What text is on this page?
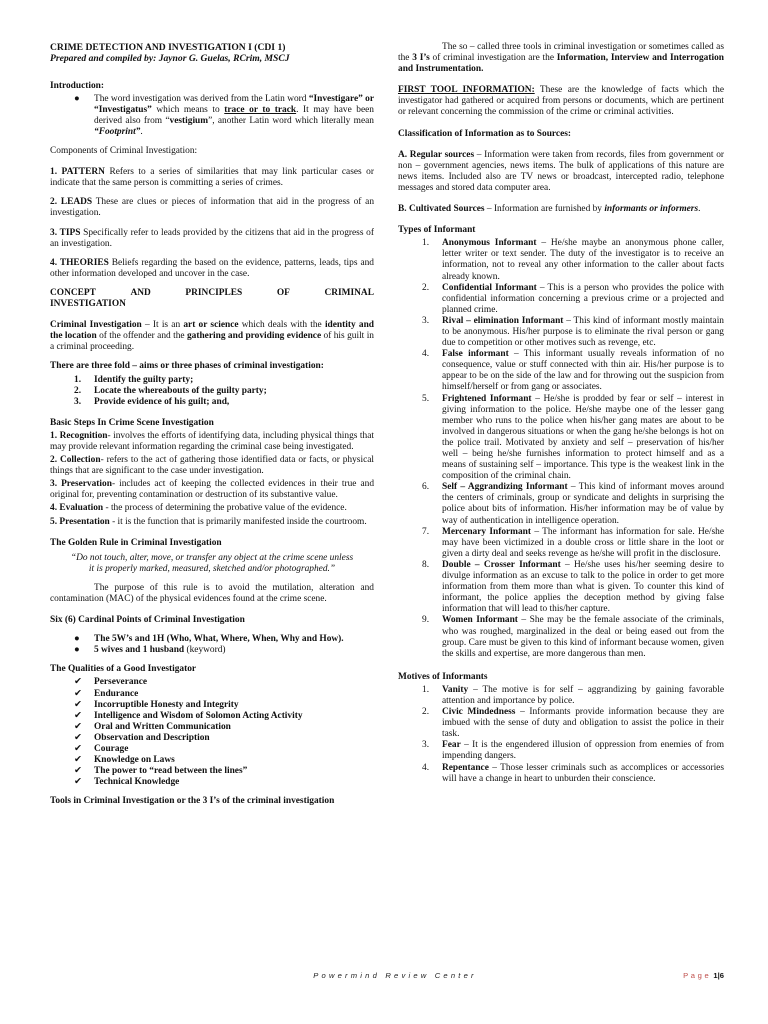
CRIME DETECTION AND INVESTIGATION I (CDI 1)

Prepared and compiled by: Jaynor G. Guelas, RCrim, MSCJ

Introduction:

● The word investigation was derived from the Latin word “Investigare” or “Investigatus” which means to trace or to track. It may have been derived also from “vestigium”, another Latin word which literally mean “Footprint”.

Components of Criminal Investigation:

1. PATTERN Refers to a series of similarities that may link particular cases or indicate that the same person is committing a series of crimes.

2. LEADS These are clues or pieces of information that aid in the progress of an investigation.

3. TIPS Specifically refer to leads provided by the citizens that aid in the progress of an investigation.

4. THEORIES Beliefs regarding the based on the evidence, patterns, leads, tips and other information developed and uncover in the case.

CONCEPT	AND	PRINCIPLES	OF	CRIMINAL

INVESTIGATION

Criminal Investigation – It is an art or science which deals with the identity and the location of the offender and the gathering and providing evidence of his guilt in a criminal proceeding.

There are three fold – aims or three phases of criminal investigation:

1. Identify the guilty party;
2. Locate the whereabouts of the guilty party;
3. Provide evidence of his guilt; and,

Basic Steps In Crime Scene Investigation

1. Recognition- involves the efforts of identifying data, including physical things that may provide relevant information regarding the criminal case being investigated.

2. Collection- refers to the act of gathering those identified data or facts, or physical things that are significant to the case under investigation.

3. Preservation- includes act of keeping the collected evidences in their true and original for, preventing contamination or destruction of its substantive value.

4. Evaluation - the process of determining the probative value of the evidence.

5. Presentation - it is the function that is primarily manifested inside the courtroom.

The Golden Rule in Criminal Investigation

“Do not touch, alter, move, or transfer any object at the crime scene unless it is properly marked, measured, sketched and/or photographed.”

The purpose of this rule is to avoid the mutilation, alteration and contamination (MAC) of the physical evidences found at the crime scene.

Six (6) Cardinal Points of Criminal Investigation

● The 5W’s and 1H (Who, What, Where, When, Why and How).
● 5 wives and 1 husband (keyword)

The Qualities of a Good Investigator

✔ Perseverance
✔ Endurance
✔ Incorruptible Honesty and Integrity
✔ Intelligence and Wisdom of Solomon Acting Activity
✔ Oral and Written Communication
✔ Observation and Description
✔ Courage
✔ Knowledge on Laws
✔ The power to “read between the lines”
✔ Technical Knowledge

Tools in Criminal Investigation or the 3 I’s of the criminal investigation

The so – called three tools in criminal investigation or sometimes called as the 3 I’s of criminal investigation are the Information, Interview and Interrogation and Instrumentation.

FIRST TOOL INFORMATION: These are the knowledge of facts which the investigator had gathered or acquired from persons or documents, which are pertinent or relevant concerning the commission of the crime or criminal activities.

Classification of Information as to Sources:

A. Regular sources – Information were taken from records, files from government or non – government agencies, news items. The bulk of applications of this nature are news items. Included also are TV news or broadcast, intercepted radio, telephone messages and stored data computer area.

B. Cultivated Sources – Information are furnished by informants or informers.

Types of Informant

1. Anonymous Informant – He/she maybe an anonymous phone caller, letter writer or text sender. The duty of the investigator is to receive an information, not to reveal any other information to the caller about facts already known.
2. Confidential Informant – This is a person who provides the police with confidential information concerning a previous crime or a projected and planned crime.
3. Rival – elimination Informant – This kind of informant mostly maintain to be anonymous. His/her purpose is to eliminate the rival person or gang due to competition or other motives such as revenge, etc.
4. False informant – This informant usually reveals information of no consequence, value or stuff connected with thin air. His/her purpose is to appear to be on the side of the law and for throwing out the suspicion from himself/herself or from gang or associates.
5. Frightened Informant – He/she is prodded by fear or self – interest in giving information to the police. He/she maybe one of the lesser gang member who runs to the police when his/her gang mates are about to be involved in dangerous situations or when the gang he/she belongs is hot on the police trail. Motivated by anxiety and self – preservation of his/her well – being he/she furnishes information to protect himself and as a means of sustaining self – importance. This type is the weakest link in the composition of the criminal chain.
6. Self – Aggrandizing Informant – This kind of informant moves around the centers of criminals, group or syndicate and delights in surprising the police about bits of information. His/her information may be of value by way of authentication in intelligence operation.
7. Mercenary Informant – The informant has information for sale. He/she may have been victimized in a double cross or little share in the loot or given a dirty deal and seeks revenge as he/she will profit in the disclosure.
8. Double – Crosser Informant – He/she uses his/her seeming desire to divulge information as an excuse to talk to the police in order to get more information from them more than what is given. To counter this kind of informant, the police applies the deception method by giving false information that will lead to this/her capture.
9. Women Informant – She may be the female associate of the criminals, who was roughed, marginalized in the deal or being eased out from the group. Care must be given to this kind of informant because women, given the skills and expertise, are more dangerous than men.

Motives of Informants

1. Vanity – The motive is for self – aggrandizing by gaining favorable attention and importance by police.
2. Civic Mindedness – Informants provide information because they are imbued with the sense of duty and obligation to assist the police in their task.
3. Fear – It is the engendered illusion of oppression from enemies of from impending dangers.
4. Repentance – Those lesser criminals such as accomplices or accessories will have a change in heart to unburden their conscience.
Powermind Review Center	Page 1|6
